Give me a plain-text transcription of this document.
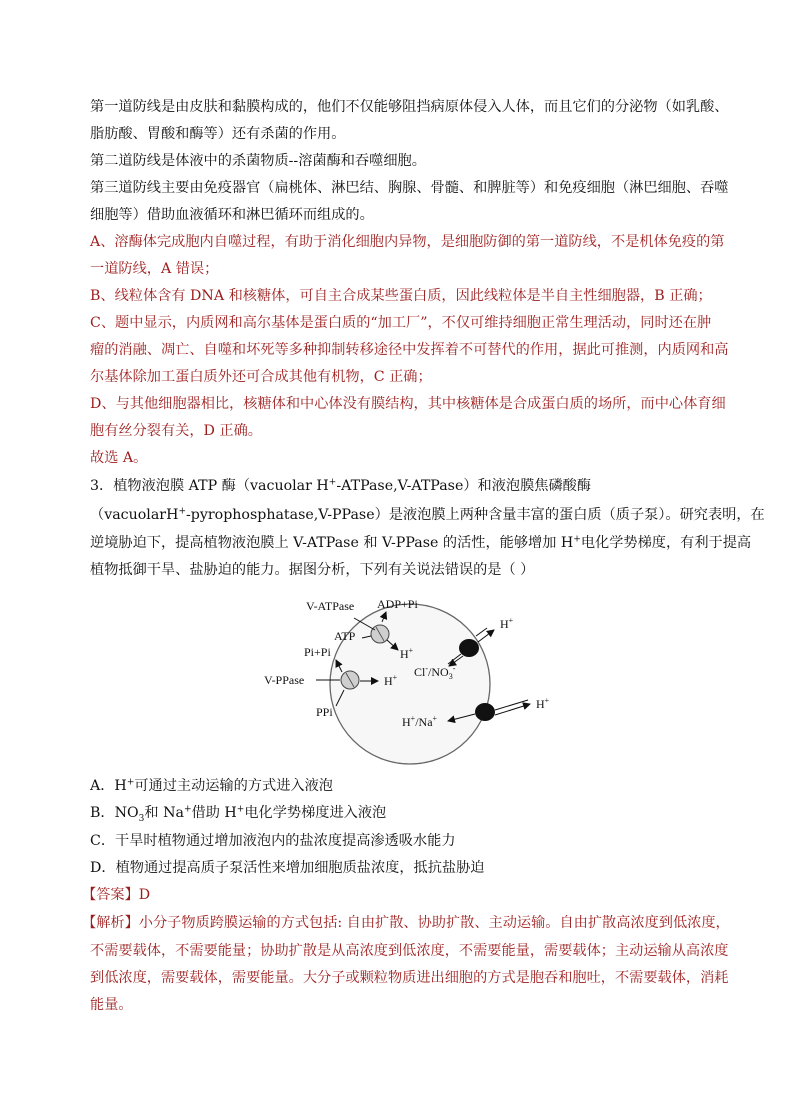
第一道防线是由皮肤和黏膜构成的，他们不仅能够阻挡病原体侵入人体，而且它们的分泌物（如乳酸、
脂肪酸、胃酸和酶等）还有杀菌的作用。
第二道防线是体液中的杀菌物质--溶菌酶和吞噬细胞。
第三道防线主要由免疫器官（扁桃体、淋巴结、胸腺、骨髓、和脾脏等）和免疫细胞（淋巴细胞、吞噬
细胞等）借助血液循环和淋巴循环而组成的。
A、溶酶体完成胞内自噬过程，有助于消化细胞内异物，是细胞防御的第一道防线，不是机体免疫的第
一道防线，A 错误；
B、线粒体含有 DNA 和核糖体，可自主合成某些蛋白质，因此线粒体是半自主性细胞器，B 正确；
C、题中显示，内质网和高尔基体是蛋白质的“加工厂”，不仅可维持细胞正常生理活动，同时还在肿
瘤的消融、凋亡、自噬和坏死等多种抑制转移途径中发挥着不可替代的作用，据此可推测，内质网和高
尔基体除加工蛋白质外还可合成其他有机物，C 正确；
D、与其他细胞器相比，核糖体和中心体没有膜结构，其中核糖体是合成蛋白质的场所，而中心体育细
胞有丝分裂有关，D 正确。
故选 A。
3．植物液泡膜 ATP 酶（vacuolar H+-ATPase,V-ATPase）和液泡膜焦磷酸酶
（vacuolarH+-pyrophosphatase,V-PPase）是液泡膜上两种含量丰富的蛋白质（质子泵）。研究表明，在
逆境胁迫下，提高植物液泡膜上 V-ATPase 和 V-PPase 的活性，能够增加 H+电化学势梯度，有利于提高
植物抵御干旱、盐胁迫的能力。据图分析，下列有关说法错误的是（ ）
V-ATPase ADP+Pi
ATP
H+
Pi+Pi
V-PPase	H+
PPi
H+
$Cl^-/NO_3^-$
H+
H+/Na+
A．H+可通过主动运输的方式进入液泡
B．$NO_3$和 Na+借助 H+电化学势梯度进入液泡
C．干旱时植物通过增加液泡内的盐浓度提高渗透吸水能力
D．植物通过提高质子泵活性来增加细胞质盐浓度，抵抗盐胁迫
【答案】D
【解析】小分子物质跨膜运输的方式包括: 自由扩散、协助扩散、主动运输。自由扩散高浓度到低浓度，
不需要载体，不需要能量；协助扩散是从高浓度到低浓度，不需要能量，需要载体；主动运输从高浓度
到低浓度，需要载体，需要能量。大分子或颗粒物质进出细胞的方式是胞吞和胞吐，不需要载体，消耗
能量。
